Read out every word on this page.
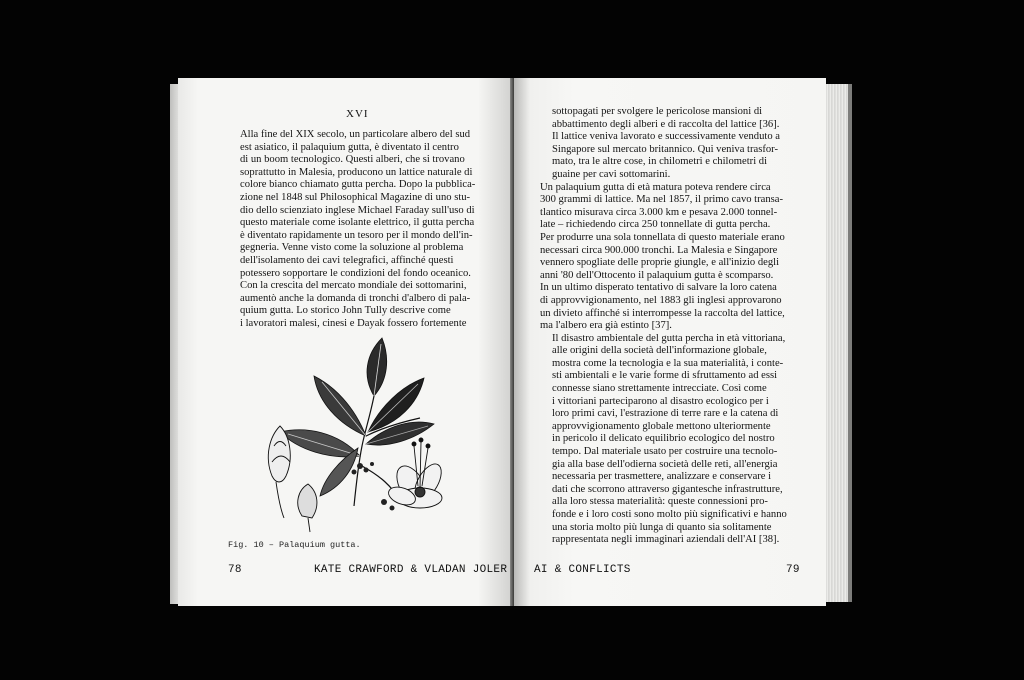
XVI
Alla fine del XIX secolo, un particolare albero del sud
est asiatico, il palaquium gutta, è diventato il centro
di un boom tecnologico. Questi alberi, che si trovano
soprattutto in Malesia, producono un lattice naturale di
colore bianco chiamato gutta percha. Dopo la pubblica-
zione nel 1848 sul Philosophical Magazine di uno stu-
dio dello scienziato inglese Michael Faraday sull'uso di
questo materiale come isolante elettrico, il gutta percha
è diventato rapidamente un tesoro per il mondo dell'in-
gegneria. Venne visto come la soluzione al problema
dell'isolamento dei cavi telegrafici, affinché questi
potessero sopportare le condizioni del fondo oceanico.
Con la crescita del mercato mondiale dei sottomarini,
aumentò anche la domanda di tronchi d'albero di pala-
quium gutta. Lo storico John Tully descrive come
i lavoratori malesi, cinesi e Dayak fossero fortemente
Fig. 10 – Palaquium gutta.
78	KATE CRAWFORD & VLADAN JOLER
sottopagati per svolgere le pericolose mansioni di
abbattimento degli alberi e di raccolta del lattice [36].
Il lattice veniva lavorato e successivamente venduto a
Singapore sul mercato britannico. Qui veniva trasfor-
mato, tra le altre cose, in chilometri e chilometri di
guaine per cavi sottomarini.
Un palaquium gutta di età matura poteva rendere circa
300 grammi di lattice. Ma nel 1857, il primo cavo transa-
tlantico misurava circa 3.000 km e pesava 2.000 tonnel-
late – richiedendo circa 250 tonnellate di gutta percha.
Per produrre una sola tonnellata di questo materiale erano
necessari circa 900.000 tronchi. La Malesia e Singapore
vennero spogliate delle proprie giungle, e all'inizio degli
anni '80 dell'Ottocento il palaquium gutta è scomparso.
In un ultimo disperato tentativo di salvare la loro catena
di approvvigionamento, nel 1883 gli inglesi approvarono
un divieto affinché si interrompesse la raccolta del lattice,
ma l'albero era già estinto [37].
Il disastro ambientale del gutta percha in età vittoriana,
alle origini della società dell'informazione globale,
mostra come la tecnologia e la sua materialità, i conte-
sti ambientali e le varie forme di sfruttamento ad essi
connesse siano strettamente intrecciate. Così come
i vittoriani parteciparono al disastro ecologico per i
loro primi cavi, l'estrazione di terre rare e la catena di
approvvigionamento globale mettono ulteriormente
in pericolo il delicato equilibrio ecologico del nostro
tempo. Dal materiale usato per costruire una tecnolo-
gia alla base dell'odierna società delle reti, all'energia
necessaria per trasmettere, analizzare e conservare i
dati che scorrono attraverso gigantesche infrastrutture,
alla loro stessa materialità: queste connessioni pro-
fonde e i loro costi sono molto più significativi e hanno
una storia molto più lunga di quanto sia solitamente
rappresentata negli immaginari aziendali dell'AI [38].
AI & CONFLICTS	79
